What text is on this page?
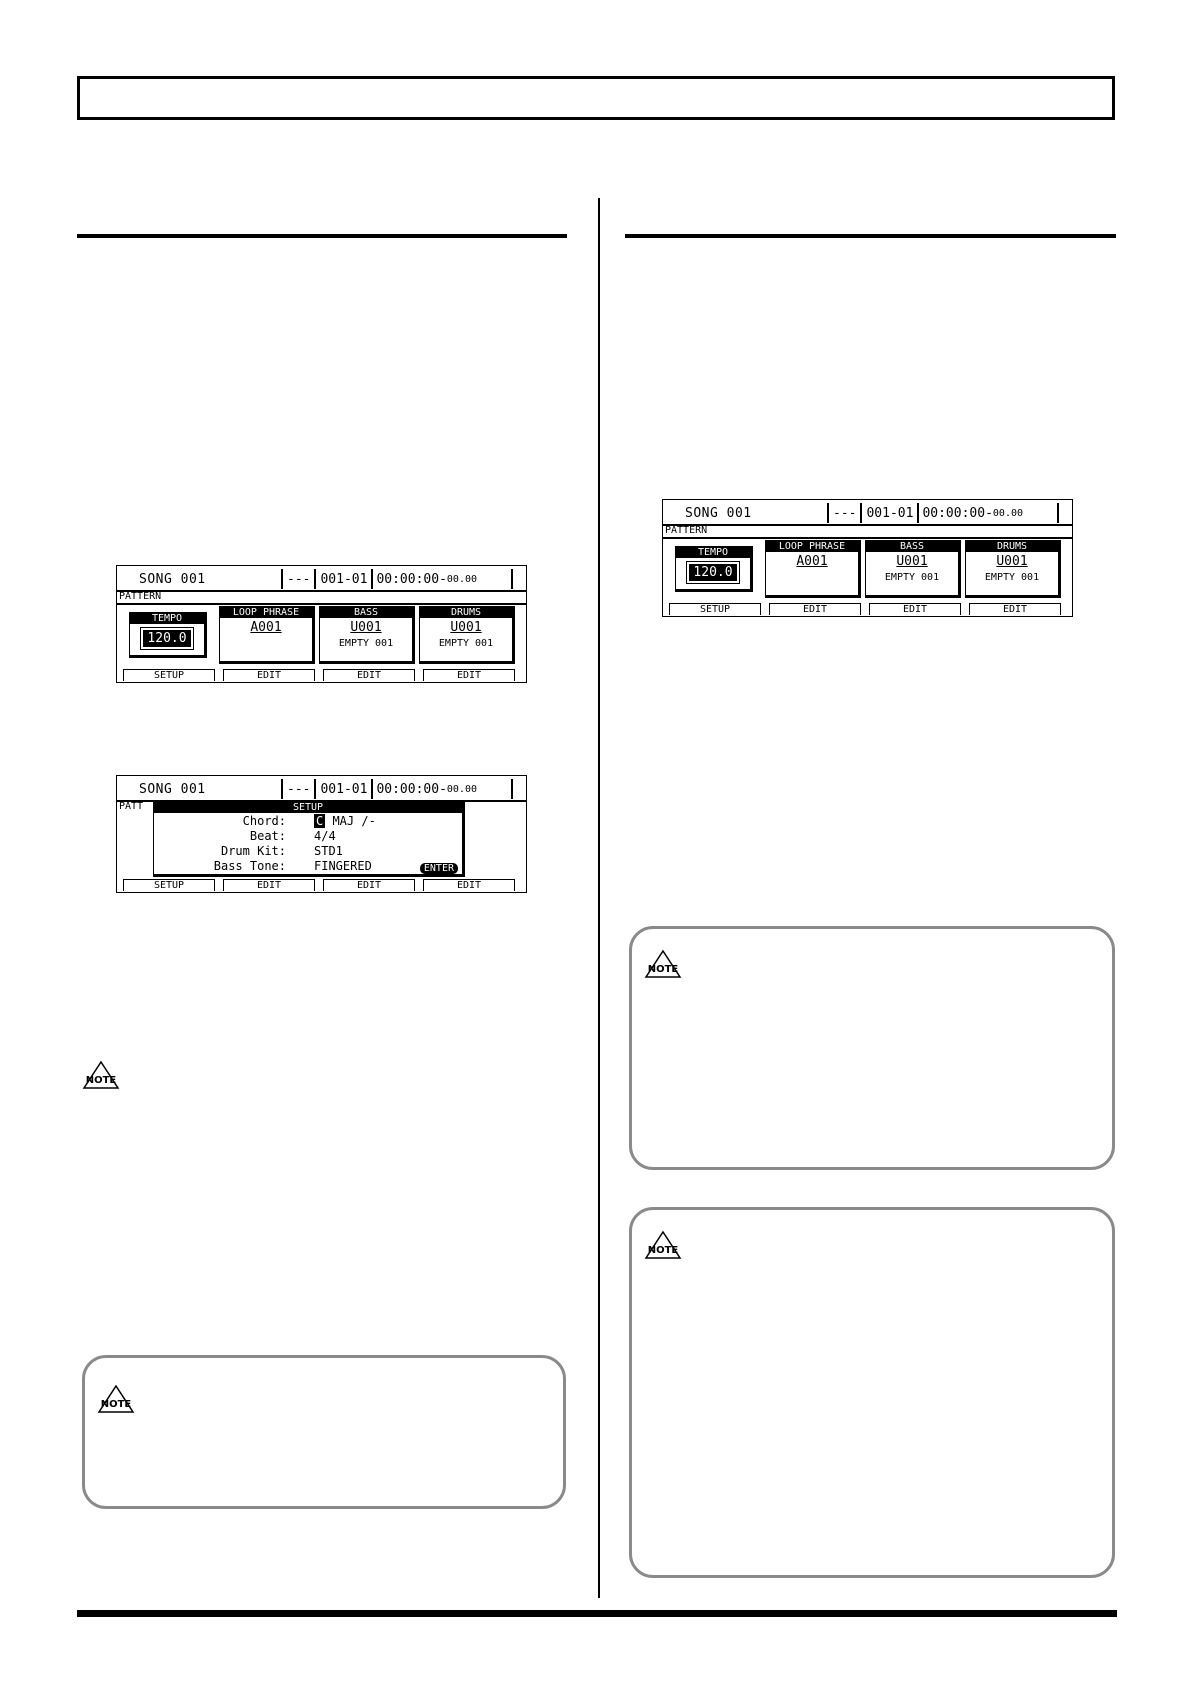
SONG 001	--- 001-01 00:00:00 - 00.00
PATTERN
TEMPO
120.0
LOOP PHRASE
A001
BASS
U001
EMPTY 001
DRUMS
U001
EMPTY 001
SETUP	EDIT	EDIT	EDIT
SONG 001	--- 001-01 00:00:00 - 00.00
PATT
SETUP	EDIT	EDIT	EDIT
SETUP
Chord:	C MAJ /-
Beat: 4/4
Drum Kit: STD1
Bass Tone: FINGERED	ENTER
SONG 001	--- 001-01 00:00:00 - 00.00
PATTERN
TEMPO
120.0
LOOP PHRASE
A001
BASS
U001
EMPTY 001
DRUMS
U001
EMPTY 001
SETUP	EDIT	EDIT	EDIT
NOTE
NOTE
NOTE
NOTE
